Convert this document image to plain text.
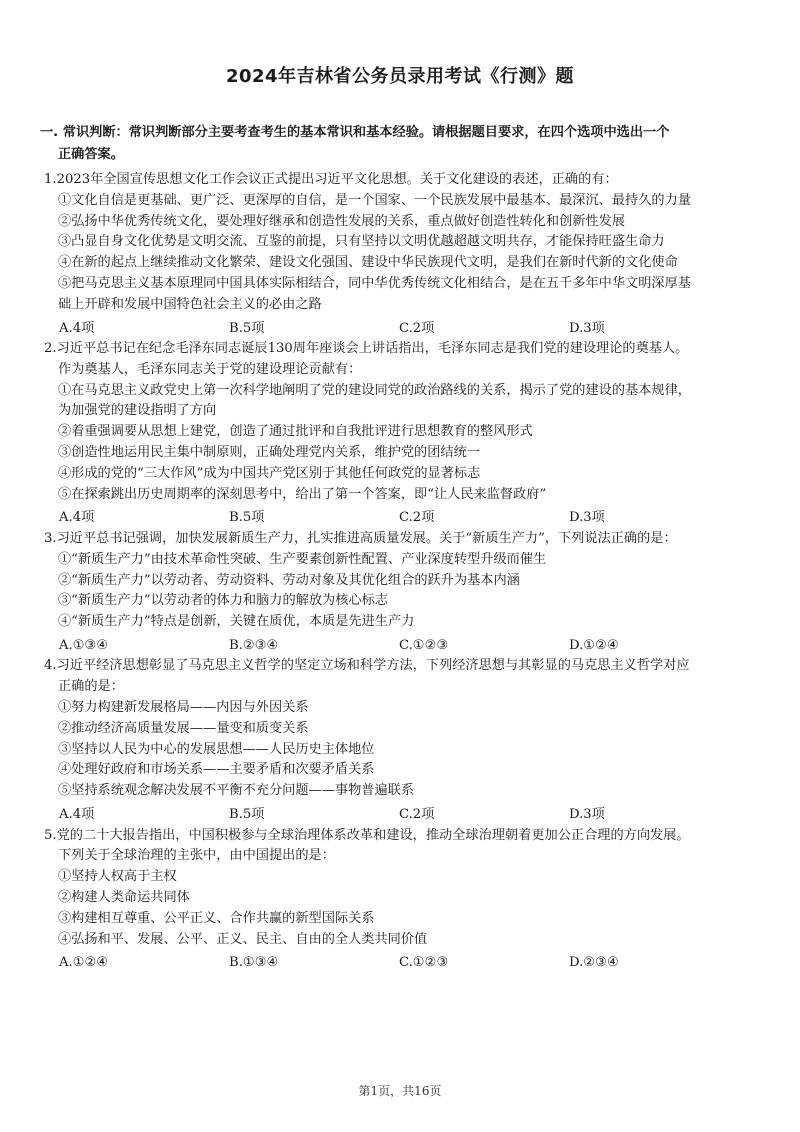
2024年吉林省公务员录用考试《行测》题
一. 常识判断：常识判断部分主要考查考生的基本常识和基本经验。请根据题目要求，在四个选项中选出一个
正确答案。
1.2023年全国宣传思想文化工作会议正式提出习近平文化思想。关于文化建设的表述，正确的有：
①文化自信是更基础、更广泛、更深厚的自信，是一个国家、一个民族发展中最基本、最深沉、最持久的力量
②弘扬中华优秀传统文化，要处理好继承和创造性发展的关系，重点做好创造性转化和创新性发展
③凸显自身文化优势是文明交流、互鉴的前提，只有坚持以文明优越超越文明共存，才能保持旺盛生命力
④在新的起点上继续推动文化繁荣、建设文化强国、建设中华民族现代文明，是我们在新时代新的文化使命
⑤把马克思主义基本原理同中国具体实际相结合，同中华优秀传统文化相结合，是在五千多年中华文明深厚基
础上开辟和发展中国特色社会主义的必由之路
A.4项	B.5项	C.2项	D.3项
2.习近平总书记在纪念毛泽东同志诞辰130周年座谈会上讲话指出，毛泽东同志是我们党的建设理论的奠基人。
作为奠基人，毛泽东同志关于党的建设理论贡献有：
①在马克思主义政党史上第一次科学地阐明了党的建设同党的政治路线的关系，揭示了党的建设的基本规律，
为加强党的建设指明了方向
②着重强调要从思想上建党，创造了通过批评和自我批评进行思想教育的整风形式
③创造性地运用民主集中制原则，正确处理党内关系，维护党的团结统一
④形成的党的“三大作风”成为中国共产党区别于其他任何政党的显著标志
⑤在探索跳出历史周期率的深刻思考中，给出了第一个答案，即“让人民来监督政府”
A.4项	B.5项	C.2项	D.3项
3.习近平总书记强调，加快发展新质生产力，扎实推进高质量发展。关于“新质生产力”，下列说法正确的是：
①“新质生产力”由技术革命性突破、生产要素创新性配置、产业深度转型升级而催生
②“新质生产力”以劳动者、劳动资料、劳动对象及其优化组合的跃升为基本内涵
③“新质生产力”以劳动者的体力和脑力的解放为核心标志
④“新质生产力”特点是创新，关键在质优，本质是先进生产力
A.①③④	B.②③④	C.①②③	D.①②④
4.习近平经济思想彰显了马克思主义哲学的坚定立场和科学方法，下列经济思想与其彰显的马克思主义哲学对应
正确的是：
①努力构建新发展格局——内因与外因关系
②推动经济高质量发展——量变和质变关系
③坚持以人民为中心的发展思想——人民历史主体地位
④处理好政府和市场关系——主要矛盾和次要矛盾关系
⑤坚持系统观念解决发展不平衡不充分问题——事物普遍联系
A.4项	B.5项	C.2项	D.3项
5.党的二十大报告指出，中国积极参与全球治理体系改革和建设，推动全球治理朝着更加公正合理的方向发展。
下列关于全球治理的主张中，由中国提出的是：
①坚持人权高于主权
②构建人类命运共同体
③构建相互尊重、公平正义、合作共赢的新型国际关系
④弘扬和平、发展、公平、正义、民主、自由的全人类共同价值
A.①②④	B.①③④	C.①②③	D.②③④
第1页，共16页
